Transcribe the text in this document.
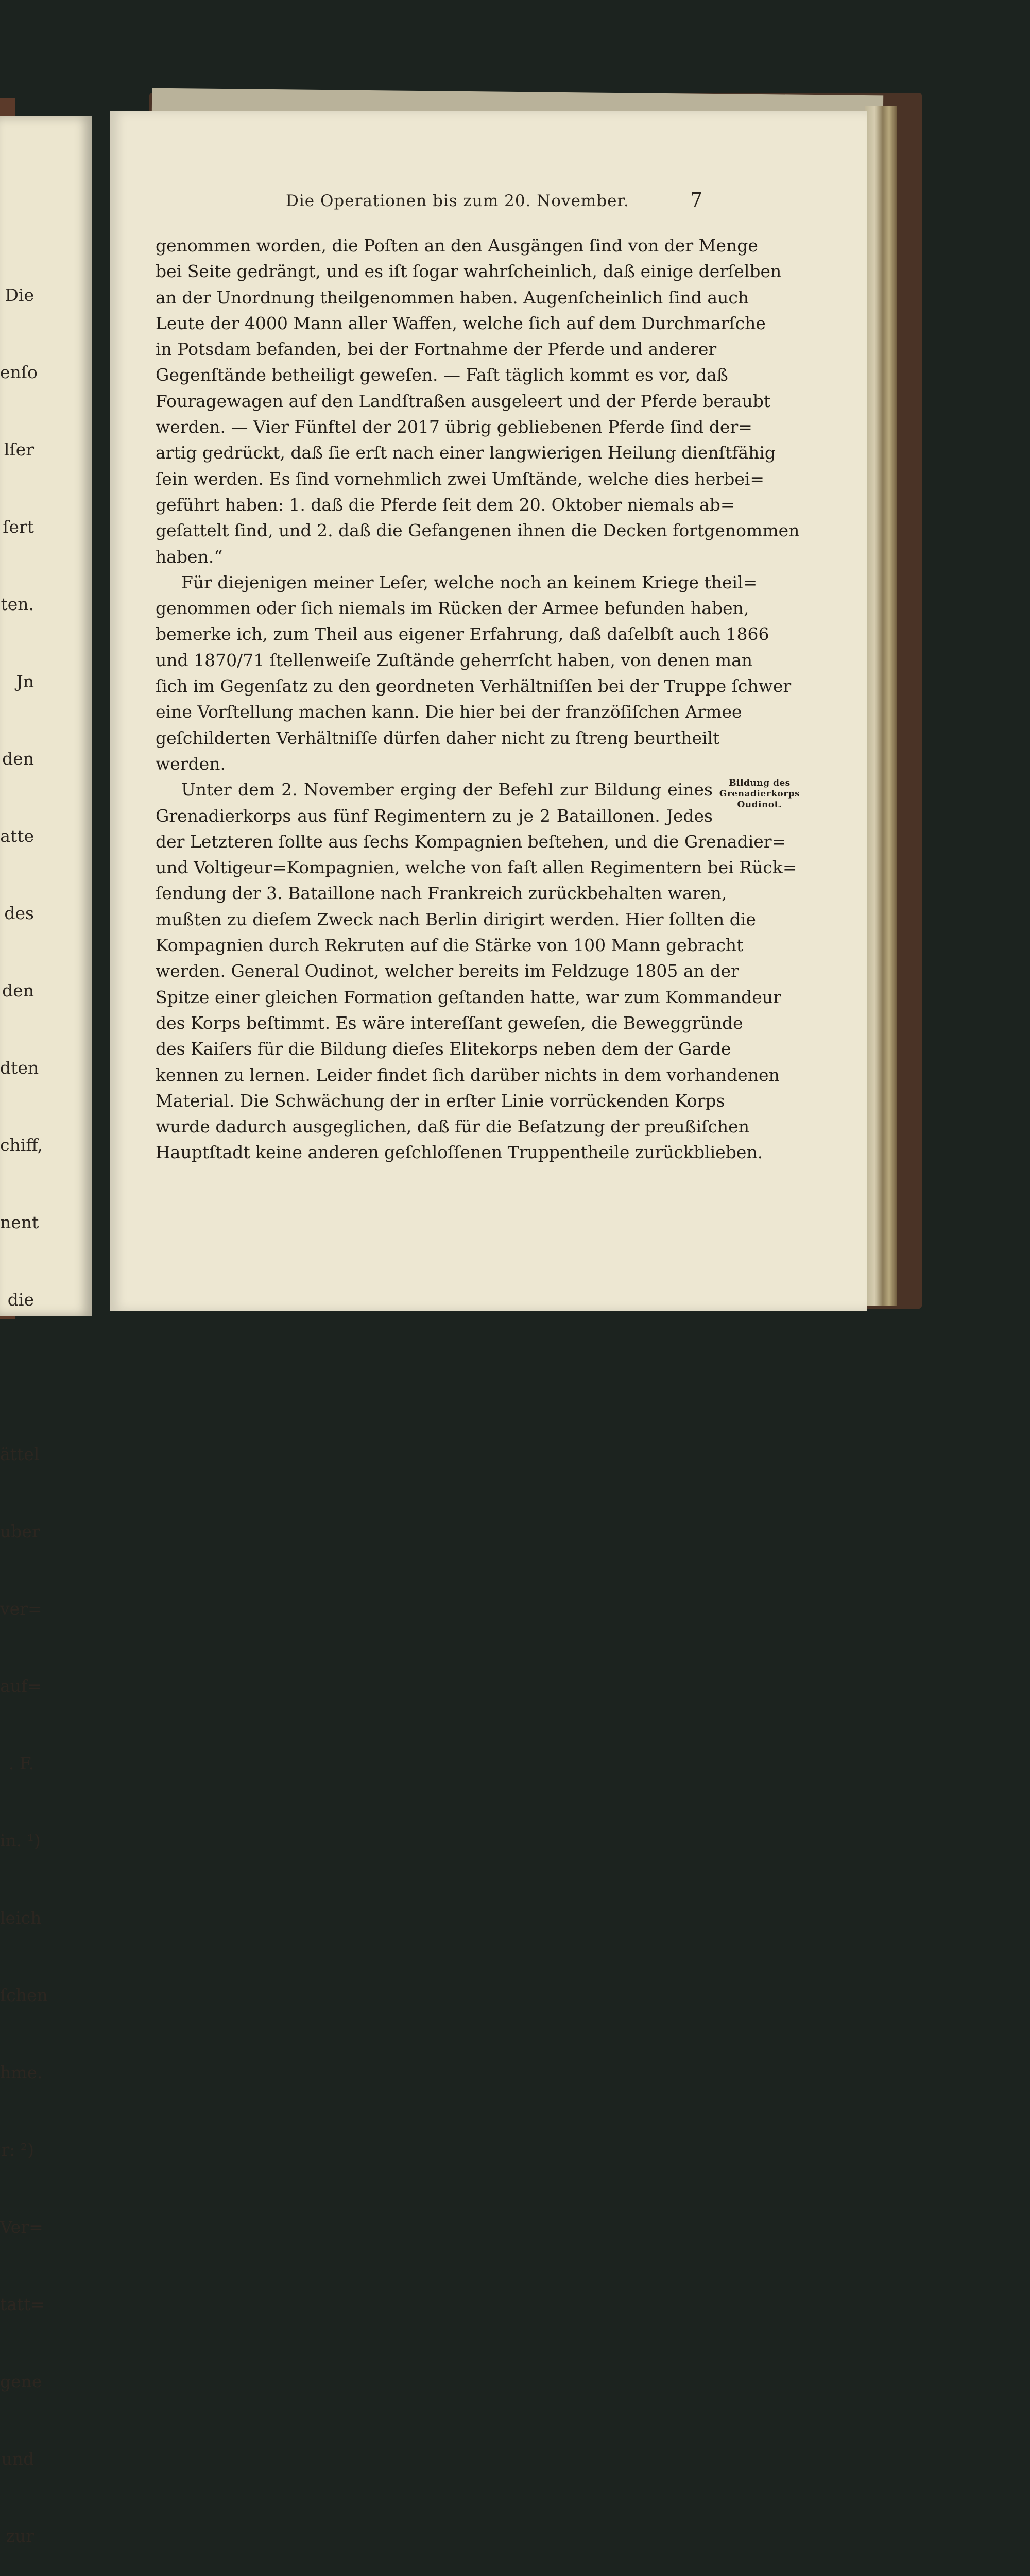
Die

enſo

lſer

ſert

ten.

Jn

den

atte

des

den

dten

chiff,

nent

die

ättel

uber

ver=

auf=

. F.

in. ¹)

leich

ſchen

hme.

r: ²)

Ver=

tatt=

gene

und

zur

Die Operationen bis zum 20. November.	7
genommen worden, die Poſten an den Ausgängen ſind von der Menge
bei Seite gedrängt, und es iſt ſogar wahrſcheinlich, daß einige derſelben
an der Unordnung theilgenommen haben. Augenſcheinlich ſind auch
Leute der 4000 Mann aller Waffen, welche ſich auf dem Durchmarſche
in Potsdam befanden, bei der Fortnahme der Pferde und anderer
Gegenſtände betheiligt geweſen. — Faſt täglich kommt es vor, daß
Fouragewagen auf den Landſtraßen ausgeleert und der Pferde beraubt
werden. — Vier Fünftel der 2017 übrig gebliebenen Pferde ſind der=
artig gedrückt, daß ſie erſt nach einer langwierigen Heilung dienſtfähig
ſein werden. Es ſind vornehmlich zwei Umſtände, welche dies herbei=
geführt haben: 1. daß die Pferde ſeit dem 20. Oktober niemals ab=
geſattelt ſind, und 2. daß die Gefangenen ihnen die Decken fortgenommen
haben.“
Für diejenigen meiner Leſer, welche noch an keinem Kriege theil=
genommen oder ſich niemals im Rücken der Armee befunden haben,
bemerke ich, zum Theil aus eigener Erfahrung, daß daſelbſt auch 1866
und 1870/71 ſtellenweiſe Zuſtände geherrſcht haben, von denen man
ſich im Gegenſatz zu den geordneten Verhältniſſen bei der Truppe ſchwer
eine Vorſtellung machen kann. Die hier bei der franzöſiſchen Armee
geſchilderten Verhältniſſe dürfen daher nicht zu ſtreng beurtheilt
werden.
Unter dem 2. November erging der Befehl zur Bildung eines
Grenadierkorps aus fünf Regimentern zu je 2 Bataillonen. Jedes
der Letzteren ſollte aus ſechs Kompagnien beſtehen, und die Grenadier=
und Voltigeur=Kompagnien, welche von faſt allen Regimentern bei Rück=
ſendung der 3. Bataillone nach Frankreich zurückbehalten waren,
mußten zu dieſem Zweck nach Berlin dirigirt werden. Hier ſollten die
Kompagnien durch Rekruten auf die Stärke von 100 Mann gebracht
werden. General Oudinot, welcher bereits im Feldzuge 1805 an der
Spitze einer gleichen Formation geſtanden hatte, war zum Kommandeur
des Korps beſtimmt. Es wäre intereſſant geweſen, die Beweggründe
des Kaiſers für die Bildung dieſes Elitekorps neben dem der Garde
kennen zu lernen. Leider findet ſich darüber nichts in dem vorhandenen
Material. Die Schwächung der in erſter Linie vorrückenden Korps
wurde dadurch ausgeglichen, daß für die Beſatzung der preußiſchen
Hauptſtadt keine anderen geſchloſſenen Truppentheile zurückblieben.
Bildung des
Grenadierkorps
Oudinot.
